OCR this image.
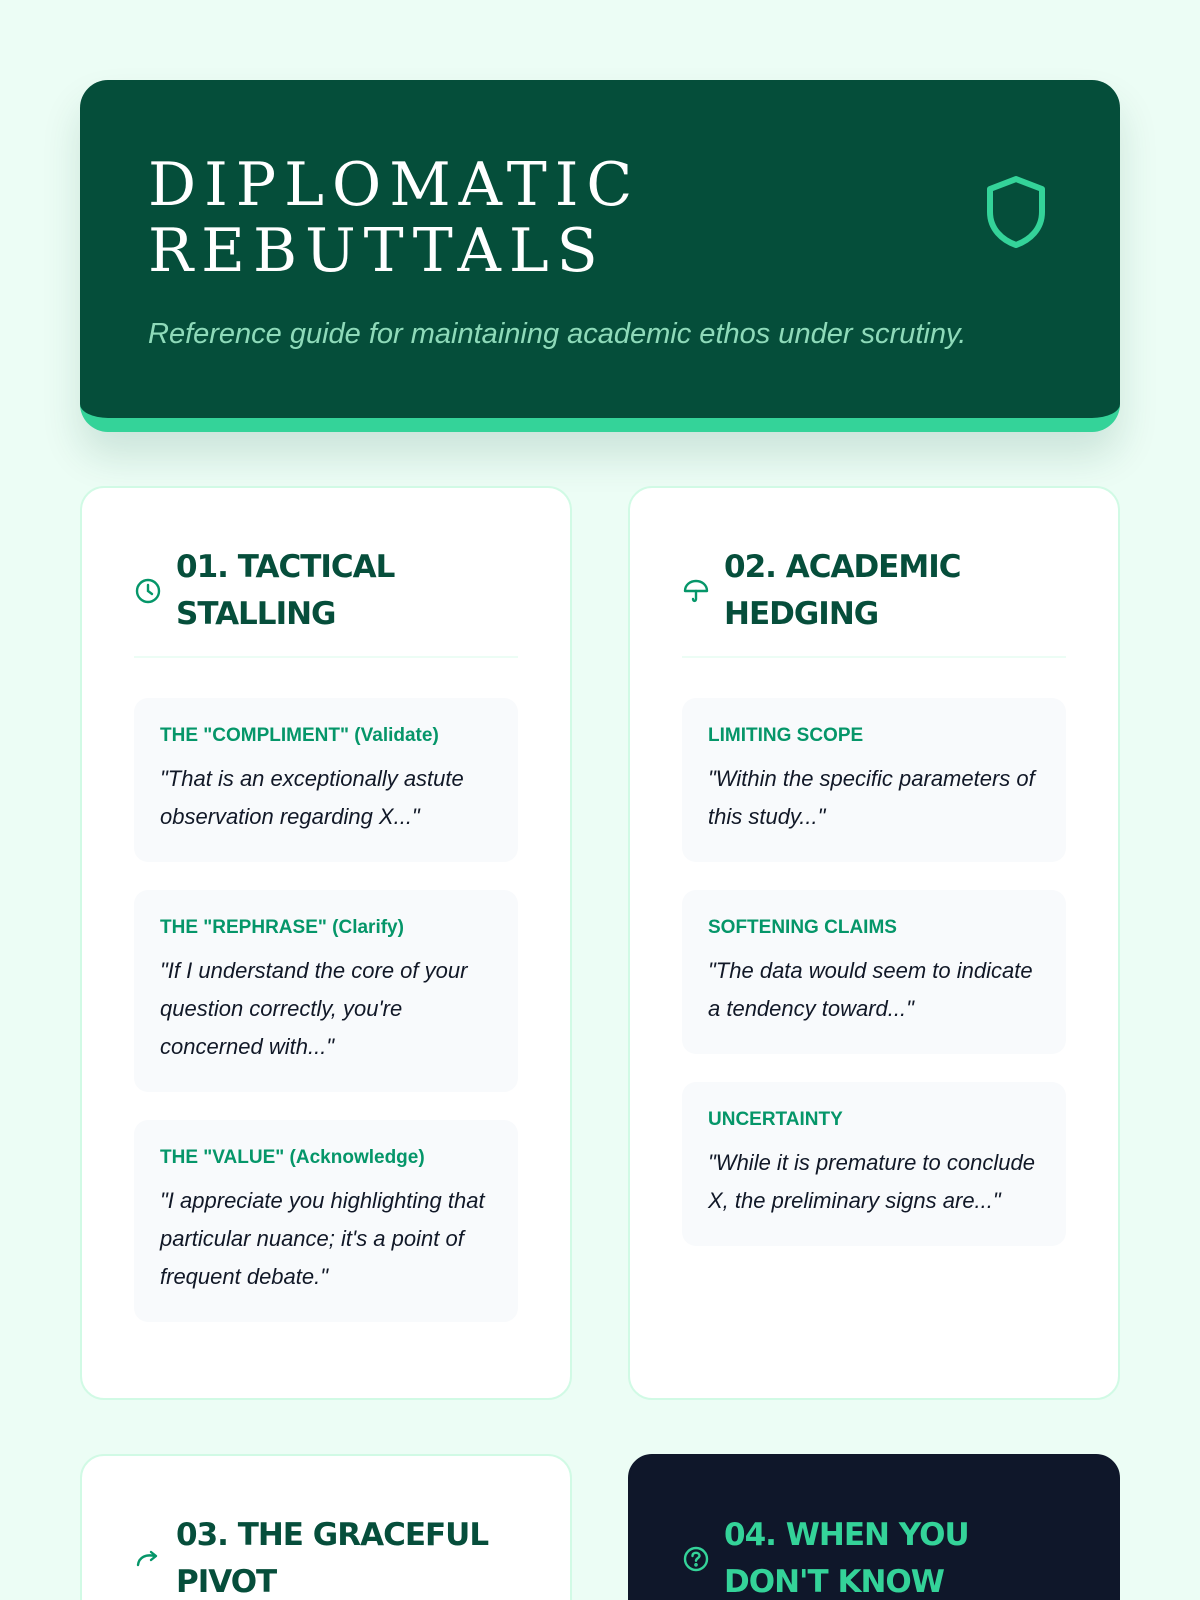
DIPLOMATIC REBUTTALS

Reference guide for maintaining academic ethos under scrutiny.

01. TACTICAL STALLING
THE "COMPLIMENT" (Validate)

"That is an exceptionally astute observation regarding X..."

THE "REPHRASE" (Clarify)

"If I understand the core of your question correctly, you're concerned with..."

THE "VALUE" (Acknowledge)

"I appreciate you highlighting that particular nuance; it's a point of frequent debate."

02. ACADEMIC HEDGING
LIMITING SCOPE

"Within the specific parameters of this study..."

SOFTENING CLAIMS

"The data would seem to indicate a tendency toward..."

UNCERTAINTY

"While it is premature to conclude X, the preliminary signs are..."

03. THE GRACEFUL PIVOT
04. WHEN YOU DON'T KNOW
